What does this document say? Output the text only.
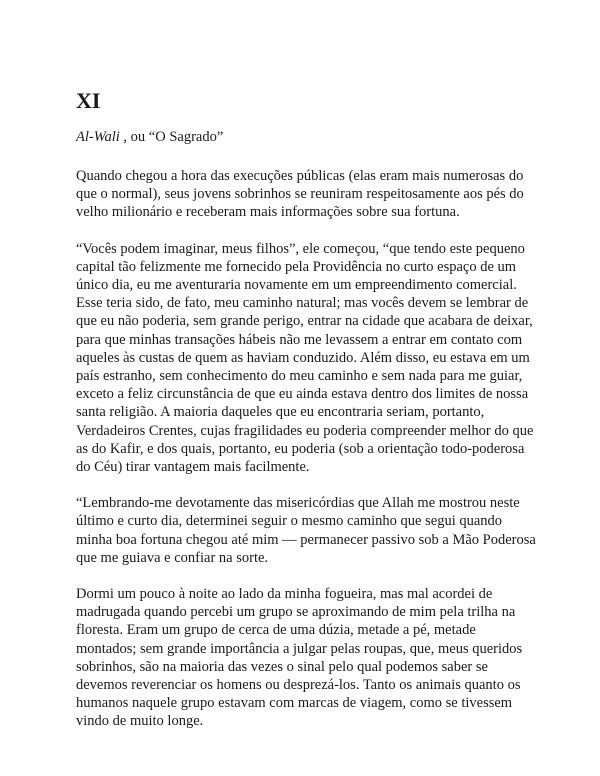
XI

Al-Wali , ou “O Sagrado”

Quando chegou a hora das execuções públicas (elas eram mais numerosas do que o normal), seus jovens sobrinhos se reuniram respeitosamente aos pés do velho milionário e receberam mais informações sobre sua fortuna.

“Vocês podem imaginar, meus filhos”, ele começou, “que tendo este pequeno capital tão felizmente me fornecido pela Providência no curto espaço de um único dia, eu me aventuraria novamente em um empreendimento comercial. Esse teria sido, de fato, meu caminho natural; mas vocês devem se lembrar de que eu não poderia, sem grande perigo, entrar na cidade que acabara de deixar, para que minhas transações hábeis não me levassem a entrar em contato com aqueles às custas de quem as haviam conduzido. Além disso, eu estava em um país estranho, sem conhecimento do meu caminho e sem nada para me guiar, exceto a feliz circunstância de que eu ainda estava dentro dos limites de nossa santa religião. A maioria daqueles que eu encontraria seriam, portanto, Verdadeiros Crentes, cujas fragilidades eu poderia compreender melhor do que as do Kafir, e dos quais, portanto, eu poderia (sob a orientação todo-poderosa do Céu) tirar vantagem mais facilmente.

“Lembrando-me devotamente das misericórdias que Allah me mostrou neste último e curto dia, determinei seguir o mesmo caminho que segui quando minha boa fortuna chegou até mim — permanecer passivo sob a Mão Poderosa que me guiava e confiar na sorte.

Dormi um pouco à noite ao lado da minha fogueira, mas mal acordei de madrugada quando percebi um grupo se aproximando de mim pela trilha na floresta. Eram um grupo de cerca de uma dúzia, metade a pé, metade montados; sem grande importância a julgar pelas roupas, que, meus queridos sobrinhos, são na maioria das vezes o sinal pelo qual podemos saber se devemos reverenciar os homens ou desprezá-los. Tanto os animais quanto os humanos naquele grupo estavam com marcas de viagem, como se tivessem vindo de muito longe.
